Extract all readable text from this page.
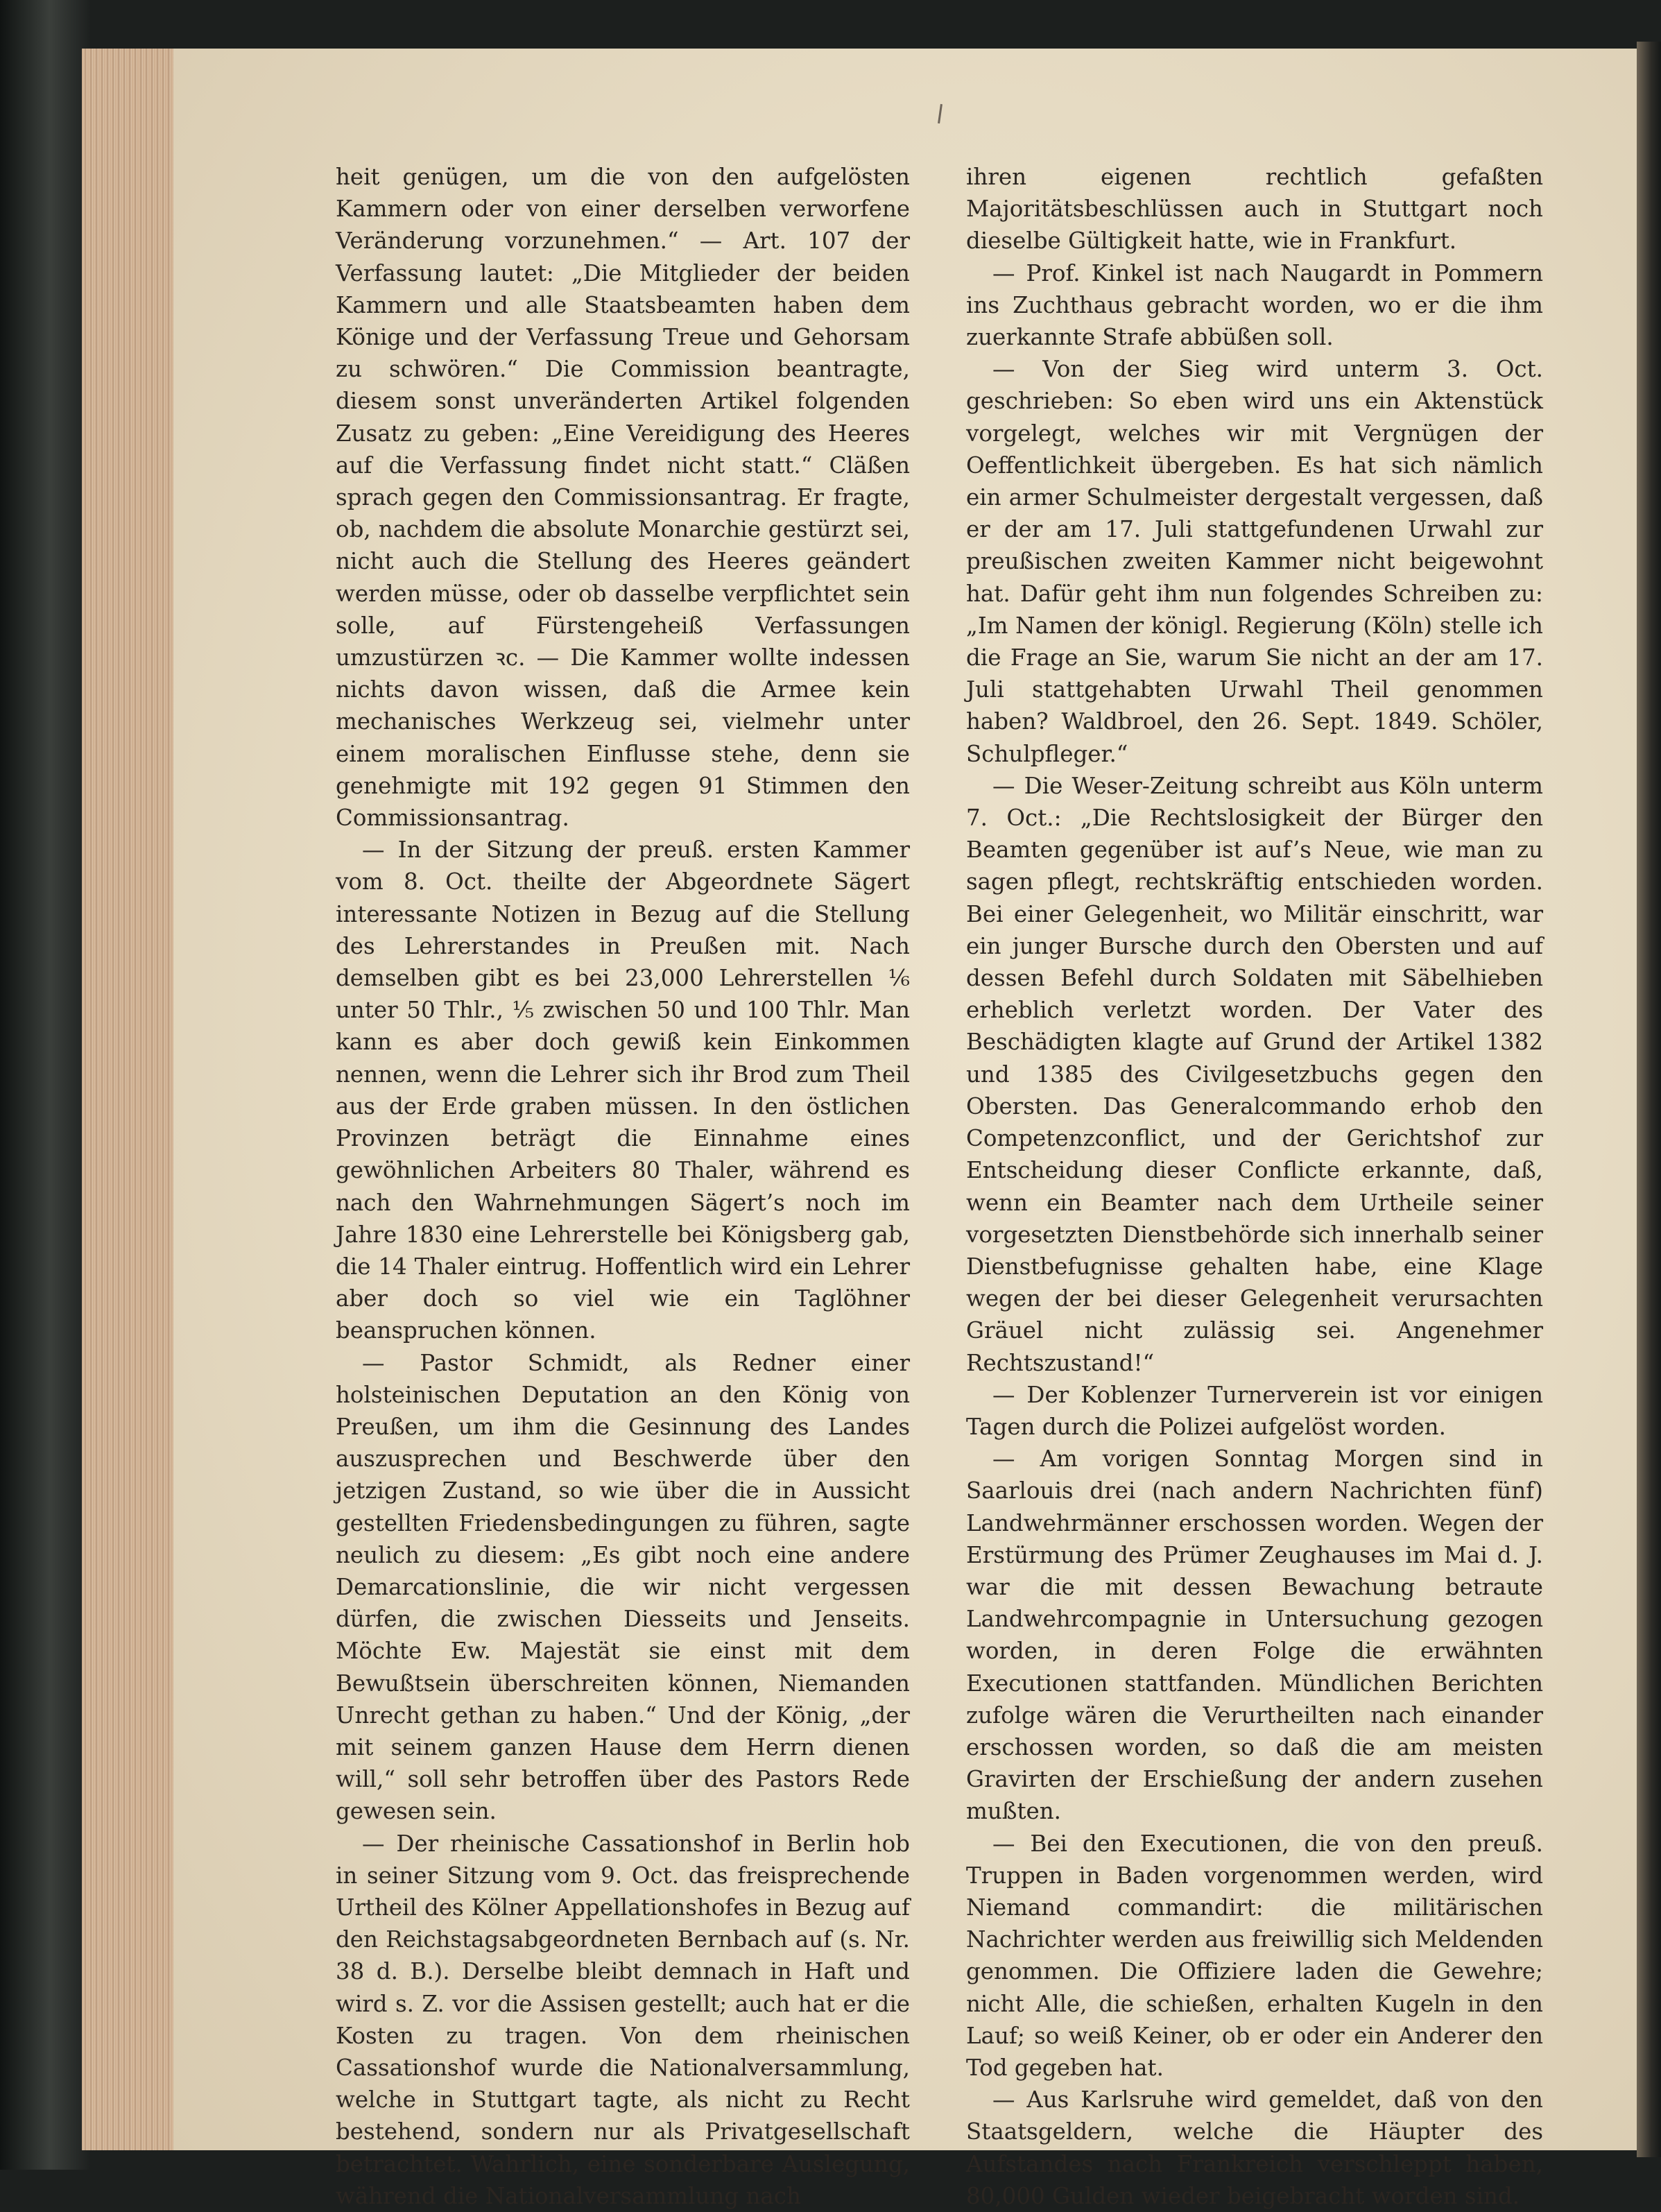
heit genügen, um die von den aufgelösten Kammern oder von einer derselben verworfene Veränderung vorzunehmen.“ — Art. 107 der Verfassung lautet: „Die Mitglieder der beiden Kammern und alle Staatsbeamten haben dem Könige und der Verfassung Treue und Gehorsam zu schwören.“ Die Commission beantragte, diesem sonst unveränderten Artikel folgenden Zusatz zu geben: „Eine Vereidigung des Heeres auf die Verfassung findet nicht statt.“ Cläßen sprach gegen den Commissionsantrag. Er fragte, ob, nachdem die absolute Monarchie gestürzt sei, nicht auch die Stellung des Heeres geändert werden müsse, oder ob dasselbe verpflichtet sein solle, auf Fürstengeheiß Verfassungen umzustürzen ꝛc. — Die Kammer wollte indessen nichts davon wissen, daß die Armee kein mechanisches Werkzeug sei, vielmehr unter einem moralischen Einflusse stehe, denn sie genehmigte mit 192 gegen 91 Stimmen den Commissionsantrag.

— In der Sitzung der preuß. ersten Kammer vom 8. Oct. theilte der Abgeordnete Sägert interessante Notizen in Bezug auf die Stellung des Lehrerstandes in Preußen mit. Nach demselben gibt es bei 23,000 Lehrerstellen ⅙ unter 50 Thlr., ⅕ zwischen 50 und 100 Thlr. Man kann es aber doch gewiß kein Einkommen nennen, wenn die Lehrer sich ihr Brod zum Theil aus der Erde graben müssen. In den östlichen Provinzen beträgt die Einnahme eines gewöhnlichen Arbeiters 80 Thaler, während es nach den Wahrnehmungen Sägert’s noch im Jahre 1830 eine Lehrerstelle bei Königsberg gab, die 14 Thaler eintrug. Hoffentlich wird ein Lehrer aber doch so viel wie ein Taglöhner beanspruchen können.

— Pastor Schmidt, als Redner einer holsteinischen Deputation an den König von Preußen, um ihm die Gesinnung des Landes auszusprechen und Beschwerde über den jetzigen Zustand, so wie über die in Aussicht gestellten Friedensbedingungen zu führen, sagte neulich zu diesem: „Es gibt noch eine andere Demarcationslinie, die wir nicht vergessen dürfen, die zwischen Diesseits und Jenseits. Möchte Ew. Majestät sie einst mit dem Bewußtsein überschreiten können, Niemanden Unrecht gethan zu haben.“ Und der König, „der mit seinem ganzen Hause dem Herrn dienen will,“ soll sehr betroffen über des Pastors Rede gewesen sein.

— Der rheinische Cassationshof in Berlin hob in seiner Sitzung vom 9. Oct. das freisprechende Urtheil des Kölner Appellationshofes in Bezug auf den Reichstagsabgeordneten Bernbach auf (s. Nr. 38 d. B.). Derselbe bleibt demnach in Haft und wird s. Z. vor die Assisen gestellt; auch hat er die Kosten zu tragen. Von dem rheinischen Cassationshof wurde die Nationalversammlung, welche in Stuttgart tagte, als nicht zu Recht bestehend, sondern nur als Privatgesellschaft betrachtet. Wahrlich, eine sonderbare Auslegung, während die Nationalversammlung nach

ihren eigenen rechtlich gefaßten Majoritätsbeschlüssen auch in Stuttgart noch dieselbe Gültigkeit hatte, wie in Frankfurt.

— Prof. Kinkel ist nach Naugardt in Pommern ins Zuchthaus gebracht worden, wo er die ihm zuerkannte Strafe abbüßen soll.

— Von der Sieg wird unterm 3. Oct. geschrieben: So eben wird uns ein Aktenstück vorgelegt, welches wir mit Vergnügen der Oeffentlichkeit übergeben. Es hat sich nämlich ein armer Schulmeister dergestalt vergessen, daß er der am 17. Juli stattgefundenen Urwahl zur preußischen zweiten Kammer nicht beigewohnt hat. Dafür geht ihm nun folgendes Schreiben zu: „Im Namen der königl. Regierung (Köln) stelle ich die Frage an Sie, warum Sie nicht an der am 17. Juli stattgehabten Urwahl Theil genommen haben? Waldbroel, den 26. Sept. 1849. Schöler, Schulpfleger.“

— Die Weser-Zeitung schreibt aus Köln unterm 7. Oct.: „Die Rechtslosigkeit der Bürger den Beamten gegenüber ist auf’s Neue, wie man zu sagen pflegt, rechtskräftig entschieden worden. Bei einer Gelegenheit, wo Militär einschritt, war ein junger Bursche durch den Obersten und auf dessen Befehl durch Soldaten mit Säbelhieben erheblich verletzt worden. Der Vater des Beschädigten klagte auf Grund der Artikel 1382 und 1385 des Civilgesetzbuchs gegen den Obersten. Das Generalcommando erhob den Competenzconflict, und der Gerichtshof zur Entscheidung dieser Conflicte erkannte, daß, wenn ein Beamter nach dem Urtheile seiner vorgesetzten Dienstbehörde sich innerhalb seiner Dienstbefugnisse gehalten habe, eine Klage wegen der bei dieser Gelegenheit verursachten Gräuel nicht zulässig sei. Angenehmer Rechtszustand!“

— Der Koblenzer Turnerverein ist vor einigen Tagen durch die Polizei aufgelöst worden.

— Am vorigen Sonntag Morgen sind in Saarlouis drei (nach andern Nachrichten fünf) Landwehrmänner erschossen worden. Wegen der Erstürmung des Prümer Zeughauses im Mai d. J. war die mit dessen Bewachung betraute Landwehrcompagnie in Untersuchung gezogen worden, in deren Folge die erwähnten Executionen stattfanden. Mündlichen Berichten zufolge wären die Verurtheilten nach einander erschossen worden, so daß die am meisten Gravirten der Erschießung der andern zusehen mußten.

— Bei den Executionen, die von den preuß. Truppen in Baden vorgenommen werden, wird Niemand commandirt: die militärischen Nachrichter werden aus freiwillig sich Meldenden genommen. Die Offiziere laden die Gewehre; nicht Alle, die schießen, erhalten Kugeln in den Lauf; so weiß Keiner, ob er oder ein Anderer den Tod gegeben hat.

— Aus Karlsruhe wird gemeldet, daß von den Staatsgeldern, welche die Häupter des Aufstandes nach Frankreich verschleppt haben, 80,000 Gulden wieder beigebracht worden sind.
